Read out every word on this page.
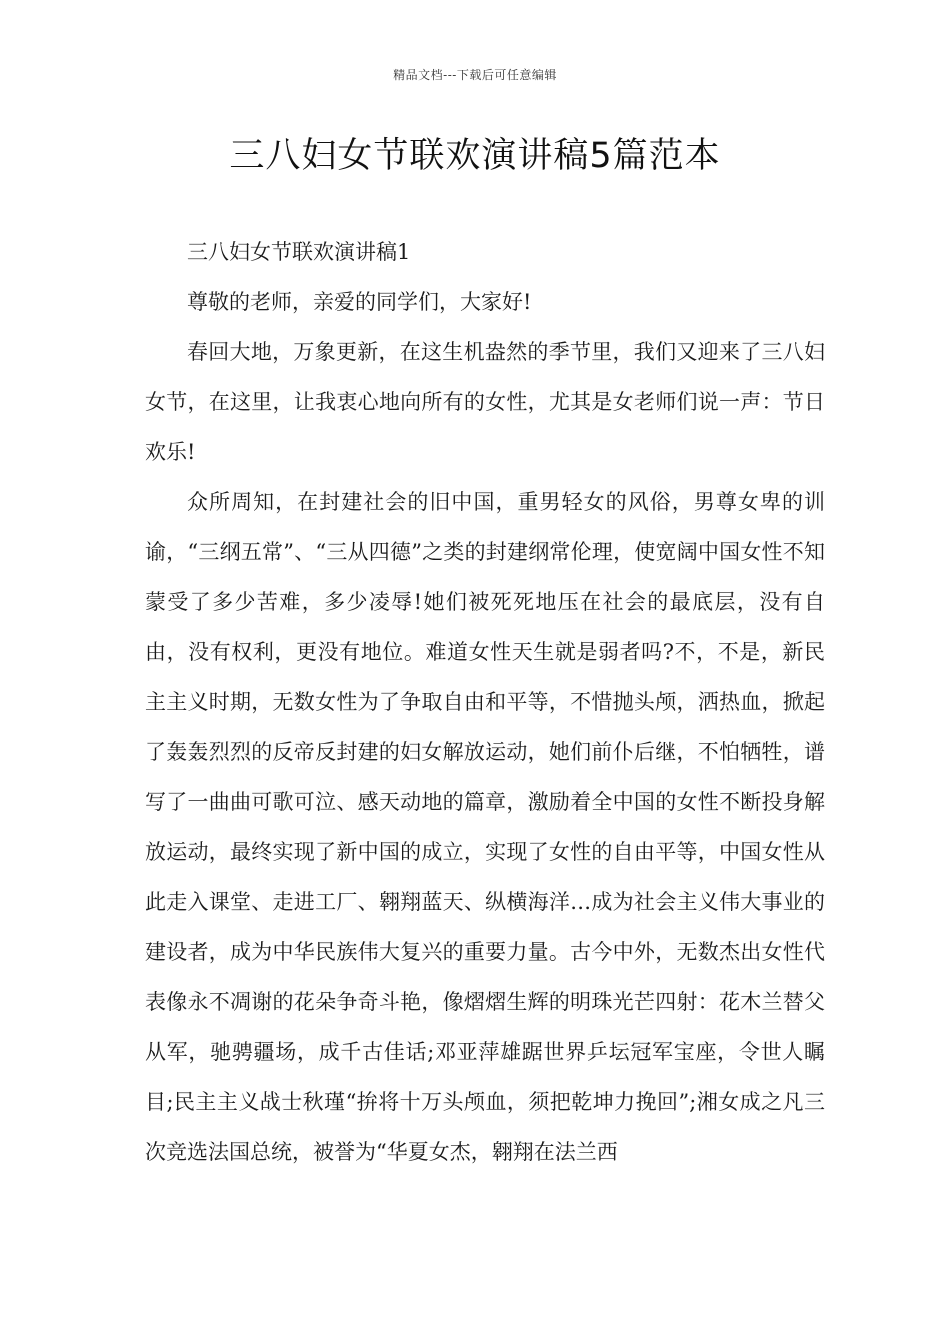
精品文档---下载后可任意编辑
三八妇女节联欢演讲稿5篇范本

三八妇女节联欢演讲稿1

尊敬的老师，亲爱的同学们，大家好!

春回大地，万象更新，在这生机盎然的季节里，我们又迎来了三八妇女节，在这里，让我衷心地向所有的女性，尤其是女老师们说一声：节日欢乐!

众所周知，在封建社会的旧中国，重男轻女的风俗，男尊女卑的训谕，“三纲五常”、“三从四德”之类的封建纲常伦理，使宽阔中国女性不知蒙受了多少苦难，多少凌辱!她们被死死地压在社会的最底层，没有自由，没有权利，更没有地位。难道女性天生就是弱者吗?不，不是，新民主主义时期，无数女性为了争取自由和平等，不惜抛头颅，洒热血，掀起了轰轰烈烈的反帝反封建的妇女解放运动，她们前仆后继，不怕牺牲，谱写了一曲曲可歌可泣、感天动地的篇章，激励着全中国的女性不断投身解放运动，最终实现了新中国的成立，实现了女性的自由平等，中国女性从此走入课堂、走进工厂、翱翔蓝天、纵横海洋…成为社会主义伟大事业的建设者，成为中华民族伟大复兴的重要力量。古今中外，无数杰出女性代表像永不凋谢的花朵争奇斗艳，像熠熠生辉的明珠光芒四射：花木兰替父从军，驰骋疆场，成千古佳话;邓亚萍雄踞世界乒坛冠军宝座，令世人瞩目;民主主义战士秋瑾“拚将十万头颅血，须把乾坤力挽回”;湘女成之凡三次竞选法国总统，被誉为“华夏女杰，翱翔在法兰西
